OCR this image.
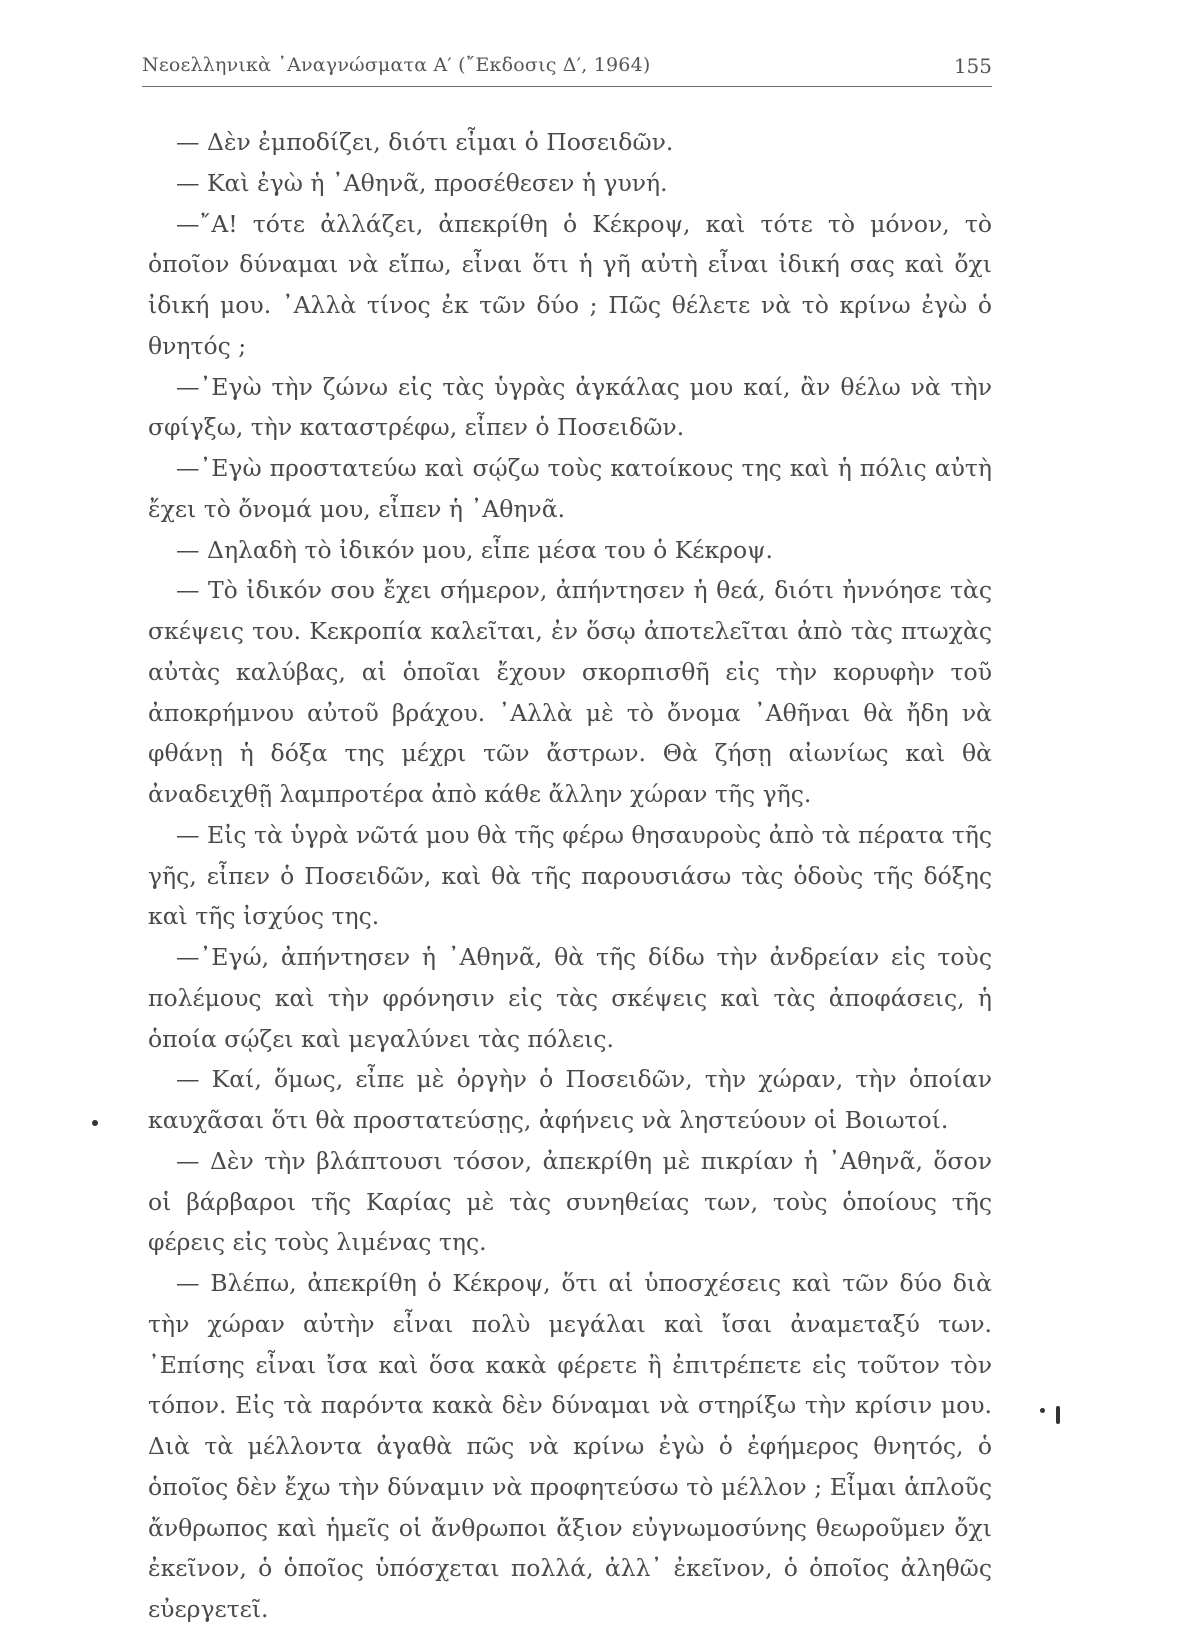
Νεοελληνικὰ ᾿Αναγνώσματα Α′ (῎Εκδοσις Δ′, 1964)	155

— Δὲν ἐμποδίζει, διότι εἶμαι ὁ Ποσειδῶν.

— Καὶ ἐγὼ ἡ ᾿Αθηνᾶ, προσέθεσεν ἡ γυνή.

—῎Α! τότε ἀλλάζει, ἀπεκρίθη ὁ Κέκροψ, καὶ τότε τὸ μόνον, τὸ ὁποῖον δύναμαι νὰ εἴπω, εἶναι ὅτι ἡ γῆ αὐτὴ εἶναι ἰδική σας καὶ ὄχι ἰδική μου. ᾿Αλλὰ τίνος ἐκ τῶν δύο ; Πῶς θέλετε νὰ τὸ κρίνω ἐγὼ ὁ θνητός ;

—᾿Εγὼ τὴν ζώνω εἰς τὰς ὑγρὰς ἀγκάλας μου καί, ἂν θέλω νὰ τὴν σφίγξω, τὴν καταστρέφω, εἶπεν ὁ Ποσειδῶν.

—᾿Εγὼ προστατεύω καὶ σῴζω τοὺς κατοίκους της καὶ ἡ πόλις αὐτὴ ἔχει τὸ ὄνομά μου, εἶπεν ἡ ᾿Αθηνᾶ.

— Δηλαδὴ τὸ ἰδικόν μου, εἶπε μέσα του ὁ Κέκροψ.

— Τὸ ἰδικόν σου ἔχει σήμερον, ἀπήντησεν ἡ θεά, διότι ἠννόησε τὰς σκέψεις του. Κεκροπία καλεῖται, ἐν ὅσῳ ἀποτελεῖται ἀπὸ τὰς πτωχὰς αὐτὰς καλύβας, αἱ ὁποῖαι ἔχουν σκορπισθῆ εἰς τὴν κορυφὴν τοῦ ἀποκρήμνου αὐτοῦ βράχου. ᾿Αλλὰ μὲ τὸ ὄνομα ᾿Αθῆναι θὰ ἤδη νὰ φθάνῃ ἡ δόξα της μέχρι τῶν ἄστρων. Θὰ ζήσῃ αἰωνίως καὶ θὰ ἀναδειχθῇ λαμπροτέρα ἀπὸ κάθε ἄλλην χώραν τῆς γῆς.

— Εἰς τὰ ὑγρὰ νῶτά μου θὰ τῆς φέρω θησαυροὺς ἀπὸ τὰ πέρατα τῆς γῆς, εἶπεν ὁ Ποσειδῶν, καὶ θὰ τῆς παρουσιάσω τὰς ὁδοὺς τῆς δόξης καὶ τῆς ἰσχύος της.

—᾿Εγώ, ἀπήντησεν ἡ ᾿Αθηνᾶ, θὰ τῆς δίδω τὴν ἀνδρείαν εἰς τοὺς πολέμους καὶ τὴν φρόνησιν εἰς τὰς σκέψεις καὶ τὰς ἀποφάσεις, ἡ ὁποία σῴζει καὶ μεγαλύνει τὰς πόλεις.

— Καί, ὅμως, εἶπε μὲ ὀργὴν ὁ Ποσειδῶν, τὴν χώραν, τὴν ὁποίαν καυχᾶσαι ὅτι θὰ προστατεύσῃς, ἀφήνεις νὰ ληστεύουν οἱ Βοιωτοί.

— Δὲν τὴν βλάπτουσι τόσον, ἀπεκρίθη μὲ πικρίαν ἡ ᾿Αθηνᾶ, ὅσον οἱ βάρβαροι τῆς Καρίας μὲ τὰς συνηθείας των, τοὺς ὁποίους τῆς φέρεις εἰς τοὺς λιμένας της.

— Βλέπω, ἀπεκρίθη ὁ Κέκροψ, ὅτι αἱ ὑποσχέσεις καὶ τῶν δύο διὰ τὴν χώραν αὐτὴν εἶναι πολὺ μεγάλαι καὶ ἴσαι ἀναμεταξύ των. ᾿Επίσης εἶναι ἴσα καὶ ὅσα κακὰ φέρετε ἢ ἐπιτρέπετε εἰς τοῦτον τὸν τόπον. Εἰς τὰ παρόντα κακὰ δὲν δύναμαι νὰ στηρίξω τὴν κρίσιν μου. Διὰ τὰ μέλλοντα ἀγαθὰ πῶς νὰ κρίνω ἐγὼ ὁ ἐφήμερος θνητός, ὁ ὁποῖος δὲν ἔχω τὴν δύναμιν νὰ προφητεύσω τὸ μέλλον ; Εἶμαι ἁπλοῦς ἄνθρωπος καὶ ἡμεῖς οἱ ἄνθρωποι ἄξιον εὐγνωμοσύνης θεωροῦμεν ὄχι ἐκεῖνον, ὁ ὁποῖος ὑπόσχεται πολλά, ἀλλ᾿ ἐκεῖνον, ὁ ὁποῖος ἀληθῶς εὐεργετεῖ.
